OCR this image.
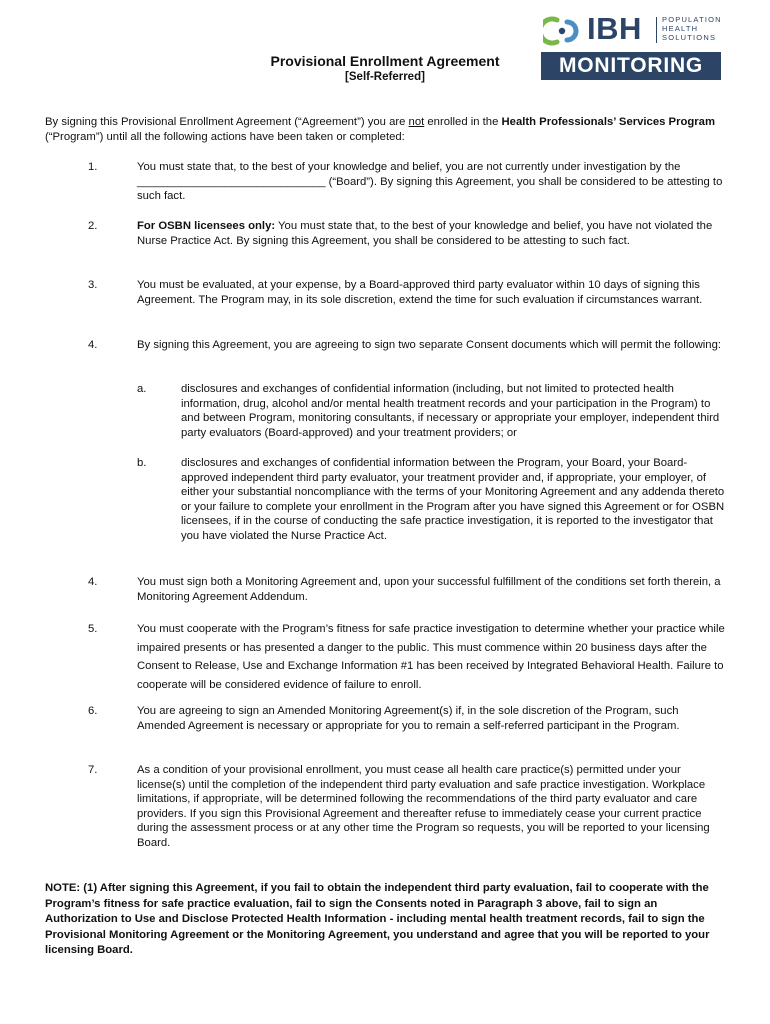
IBH	POPULATION
HEALTH
SOLUTIONS
MONITORING
Provisional Enrollment Agreement
[Self-Referred]
By signing this Provisional Enrollment Agreement (“Agreement”) you are not enrolled in the Health Professionals’ Services Program (“Program”) until all the following actions have been taken or completed:
1.	You must state that, to the best of your knowledge and belief, you are not currently under investigation by the ______________________________ (“Board”). By signing this Agreement, you shall be considered to be attesting to such fact.
2.	For OSBN licensees only: You must state that, to the best of your knowledge and belief, you have not violated the Nurse Practice Act. By signing this Agreement, you shall be considered to be attesting to such fact.
3.	You must be evaluated, at your expense, by a Board-approved third party evaluator within 10 days of signing this Agreement. The Program may, in its sole discretion, extend the time for such evaluation if circumstances warrant.
4.	By signing this Agreement, you are agreeing to sign two separate Consent documents which will permit the following:
a.	disclosures and exchanges of confidential information (including, but not limited to protected health information, drug, alcohol and/or mental health treatment records and your participation in the Program) to and between Program, monitoring consultants, if necessary or appropriate your employer, independent third party evaluators (Board-approved) and your treatment providers; or
b.	disclosures and exchanges of confidential information between the Program, your Board, your Board-approved independent third party evaluator, your treatment provider and, if appropriate, your employer, of either your substantial noncompliance with the terms of your Monitoring Agreement and any addenda thereto or your failure to complete your enrollment in the Program after you have signed this Agreement or for OSBN licensees, if in the course of conducting the safe practice investigation, it is reported to the investigator that you have violated the Nurse Practice Act.
4.	You must sign both a Monitoring Agreement and, upon your successful fulfillment of the conditions set forth therein, a Monitoring Agreement Addendum.
5.	You must cooperate with the Program’s fitness for safe practice investigation to determine whether your practice while impaired presents or has presented a danger to the public. This must commence within 20 business days after the Consent to Release, Use and Exchange Information #1 has been received by Integrated Behavioral Health. Failure to cooperate will be considered evidence of failure to enroll.
6.	You are agreeing to sign an Amended Monitoring Agreement(s) if, in the sole discretion of the Program, such Amended Agreement is necessary or appropriate for you to remain a self-referred participant in the Program.
7.	As a condition of your provisional enrollment, you must cease all health care practice(s) permitted under your license(s) until the completion of the independent third party evaluation and safe practice investigation. Workplace limitations, if appropriate, will be determined following the recommendations of the third party evaluator and care providers. If you sign this Provisional Agreement and thereafter refuse to immediately cease your current practice during the assessment process or at any other time the Program so requests, you will be reported to your licensing Board.
NOTE: (1) After signing this Agreement, if you fail to obtain the independent third party evaluation, fail to cooperate with the Program’s fitness for safe practice evaluation, fail to sign the Consents noted in Paragraph 3 above, fail to sign an Authorization to Use and Disclose Protected Health Information - including mental health treatment records, fail to sign the Provisional Monitoring Agreement or the Monitoring Agreement, you understand and agree that you will be reported to your licensing Board.
